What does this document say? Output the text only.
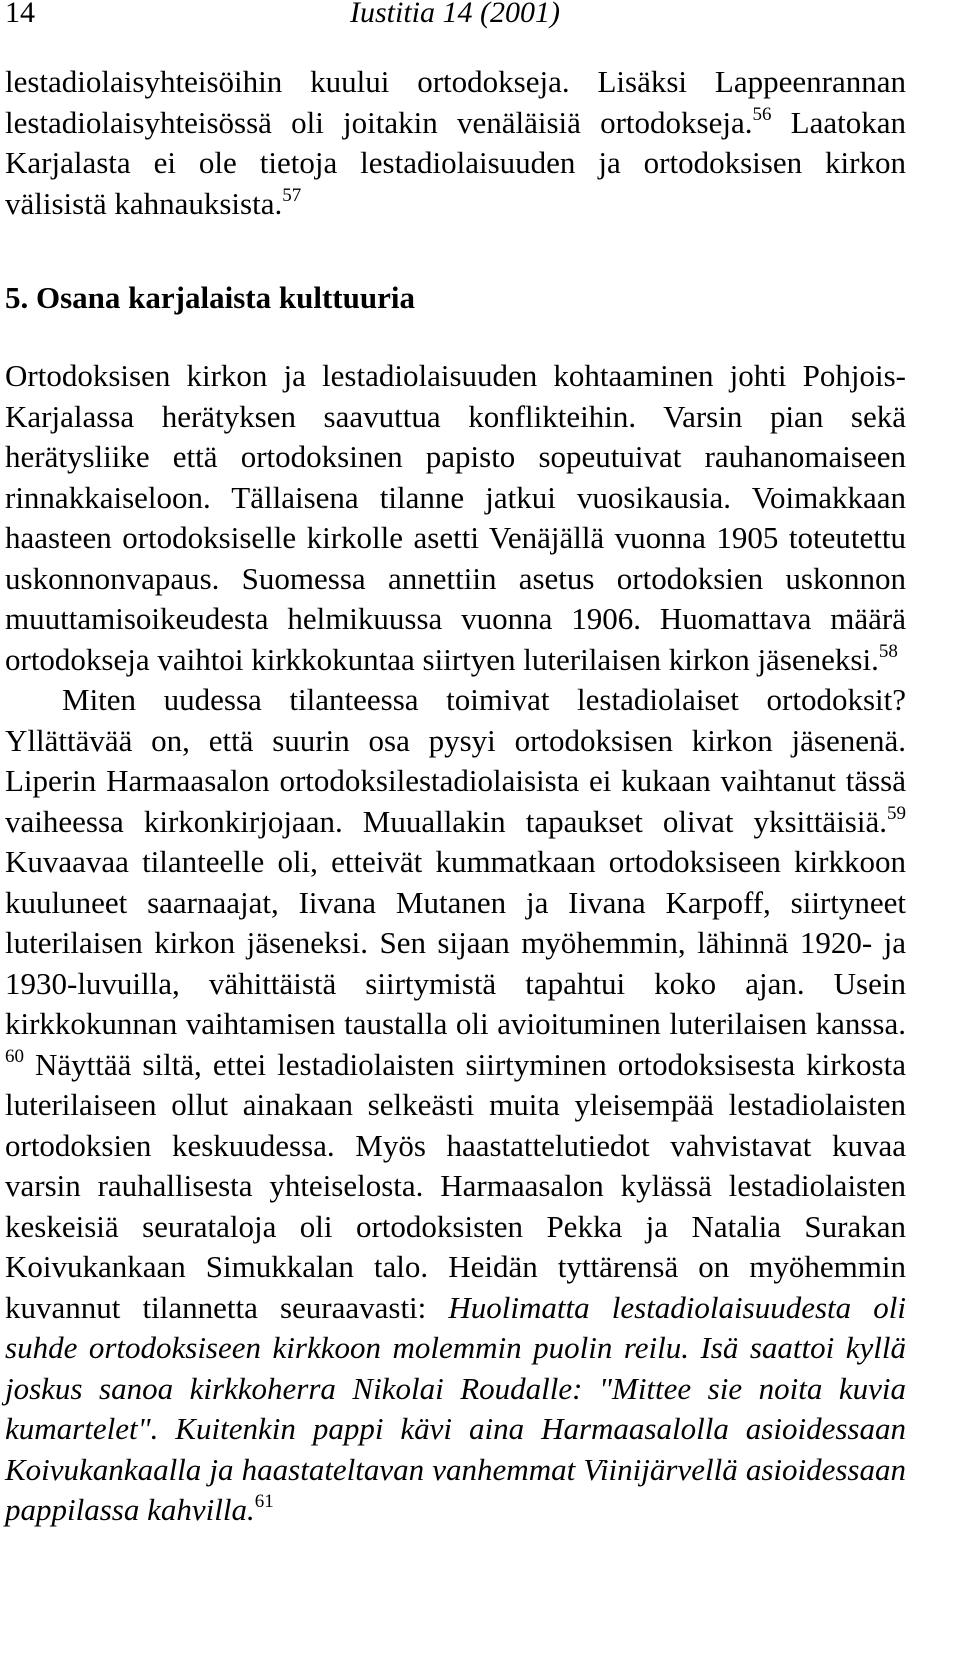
14	Iustitia 14 (2001)

lestadiolaisyhteisöihin kuului ortodokseja. Lisäksi Lappeenrannan lestadiolaisyhteisössä oli joitakin venäläisiä ortodokseja.$^{56}$ Laatokan Karjalasta ei ole tietoja lestadiolaisuuden ja ortodoksisen kirkon välisistä kahnauksista.$^{57}$

5. Osana karjalaista kulttuuria

Ortodoksisen kirkon ja lestadiolaisuuden kohtaaminen johti Pohjois-Karjalassa herätyksen saavuttua konflikteihin. Varsin pian sekä herätysliike että ortodoksinen papisto sopeutuivat rauhanomaiseen rinnakkaiseloon. Tällaisena tilanne jatkui vuosikausia. Voimakkaan haasteen ortodoksiselle kirkolle asetti Venäjällä vuonna 1905 toteutettu uskonnonvapaus. Suomessa annettiin asetus ortodoksien uskonnon muuttamisoikeudesta helmikuussa vuonna 1906. Huomattava määrä ortodokseja vaihtoi kirkkokuntaa siirtyen luterilaisen kirkon jäseneksi.$^{58}$

Miten uudessa tilanteessa toimivat lestadiolaiset ortodoksit? Yllättävää on, että suurin osa pysyi ortodoksisen kirkon jäsenenä. Liperin Harmaasalon ortodoksilestadiolaisista ei kukaan vaihtanut tässä vaiheessa kirkonkirjojaan. Muuallakin tapaukset olivat yksittäisiä.$^{59}$ Kuvaavaa tilanteelle oli, etteivät kummatkaan ortodoksiseen kirkkoon kuuluneet saarnaajat, Iivana Mutanen ja Iivana Karpoff, siirtyneet luterilaisen kirkon jäseneksi. Sen sijaan myöhemmin, lähinnä 1920- ja 1930-luvuilla, vähittäistä siirtymistä tapahtui koko ajan. Usein kirkkokunnan vaihtamisen taustalla oli avioituminen luterilaisen kanssa. $^{60}$ Näyttää siltä, ettei lestadiolaisten siirtyminen ortodoksisesta kirkosta luterilaiseen ollut ainakaan selkeästi muita yleisempää lestadiolaisten ortodoksien keskuudessa. Myös haastattelutiedot vahvistavat kuvaa varsin rauhallisesta yhteiselosta. Harmaasalon kylässä lestadiolaisten keskeisiä seurataloja oli ortodoksisten Pekka ja Natalia Surakan Koivukankaan Simukkalan talo. Heidän tyttärensä on myöhemmin kuvannut tilannetta seuraavasti: Huolimatta lestadiolaisuudesta oli suhde ortodoksiseen kirkkoon molemmin puolin reilu. Isä saattoi kyllä joskus sanoa kirkkoherra Nikolai Roudalle: "Mittee sie noita kuvia kumartelet". Kuitenkin pappi kävi aina Harmaasalolla asioidessaan Koivukankaalla ja haastateltavan vanhemmat Viinijärvellä asioidessaan pappilassa kahvilla.$^{61}$
